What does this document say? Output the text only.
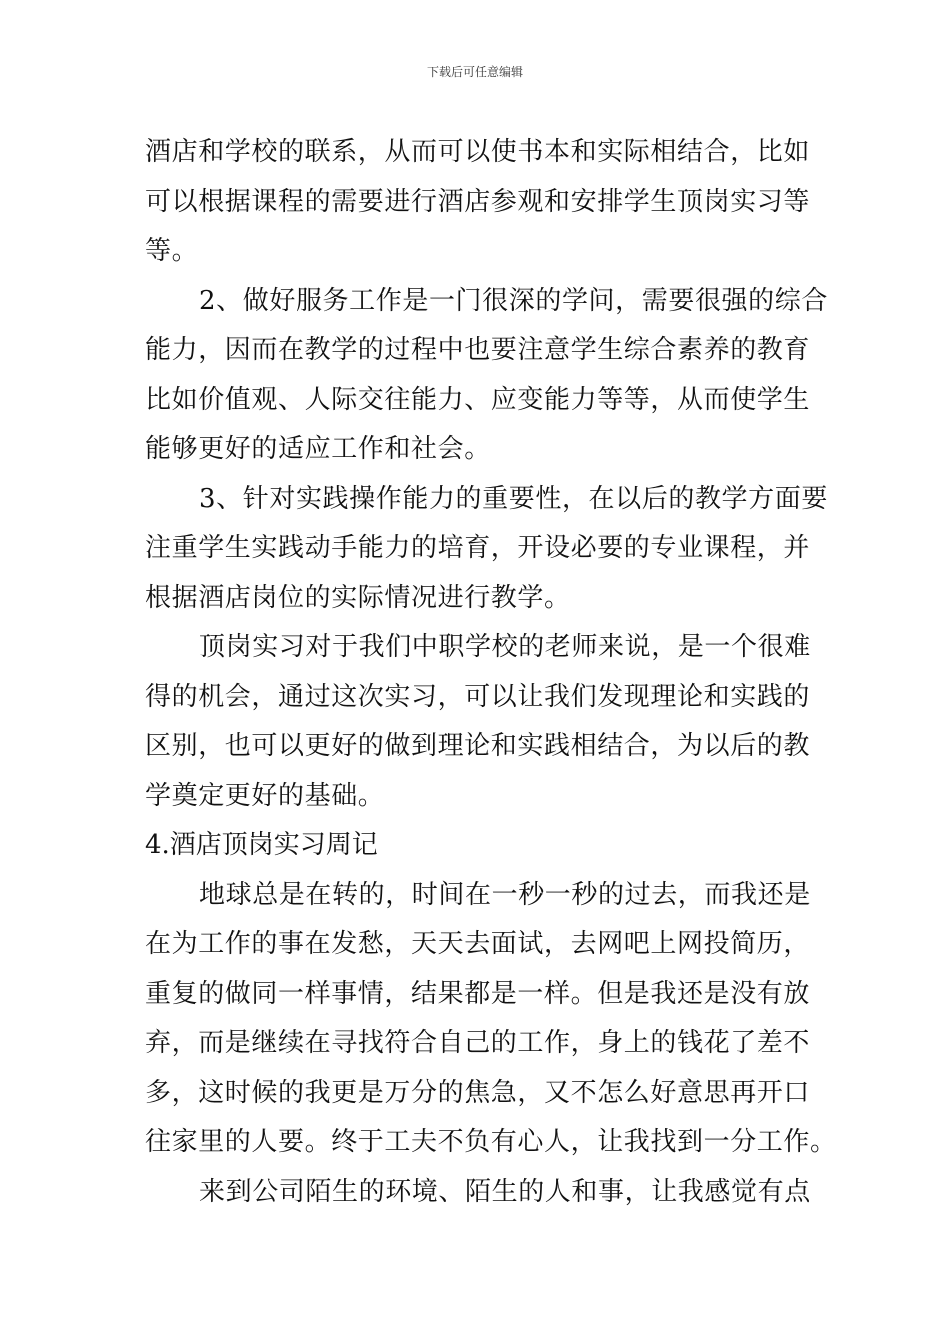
下载后可任意编辑
酒店和学校的联系，从而可以使书本和实际相结合，比如
可以根据课程的需要进行酒店参观和安排学生顶岗实习等
等。
2、做好服务工作是一门很深的学问，需要很强的综合
能力，因而在教学的过程中也要注意学生综合素养的教育
比如价值观、人际交往能力、应变能力等等，从而使学生
能够更好的适应工作和社会。
3、针对实践操作能力的重要性，在以后的教学方面要
注重学生实践动手能力的培育，开设必要的专业课程，并
根据酒店岗位的实际情况进行教学。
顶岗实习对于我们中职学校的老师来说，是一个很难
得的机会，通过这次实习，可以让我们发现理论和实践的
区别，也可以更好的做到理论和实践相结合，为以后的教
学奠定更好的基础。
4.酒店顶岗实习周记
地球总是在转的，时间在一秒一秒的过去，而我还是
在为工作的事在发愁，天天去面试，去网吧上网投简历，
重复的做同一样事情，结果都是一样。但是我还是没有放
弃，而是继续在寻找符合自己的工作，身上的钱花了差不
多，这时候的我更是万分的焦急，又不怎么好意思再开口
往家里的人要。终于工夫不负有心人，让我找到一分工作。
来到公司陌生的环境、陌生的人和事，让我感觉有点
